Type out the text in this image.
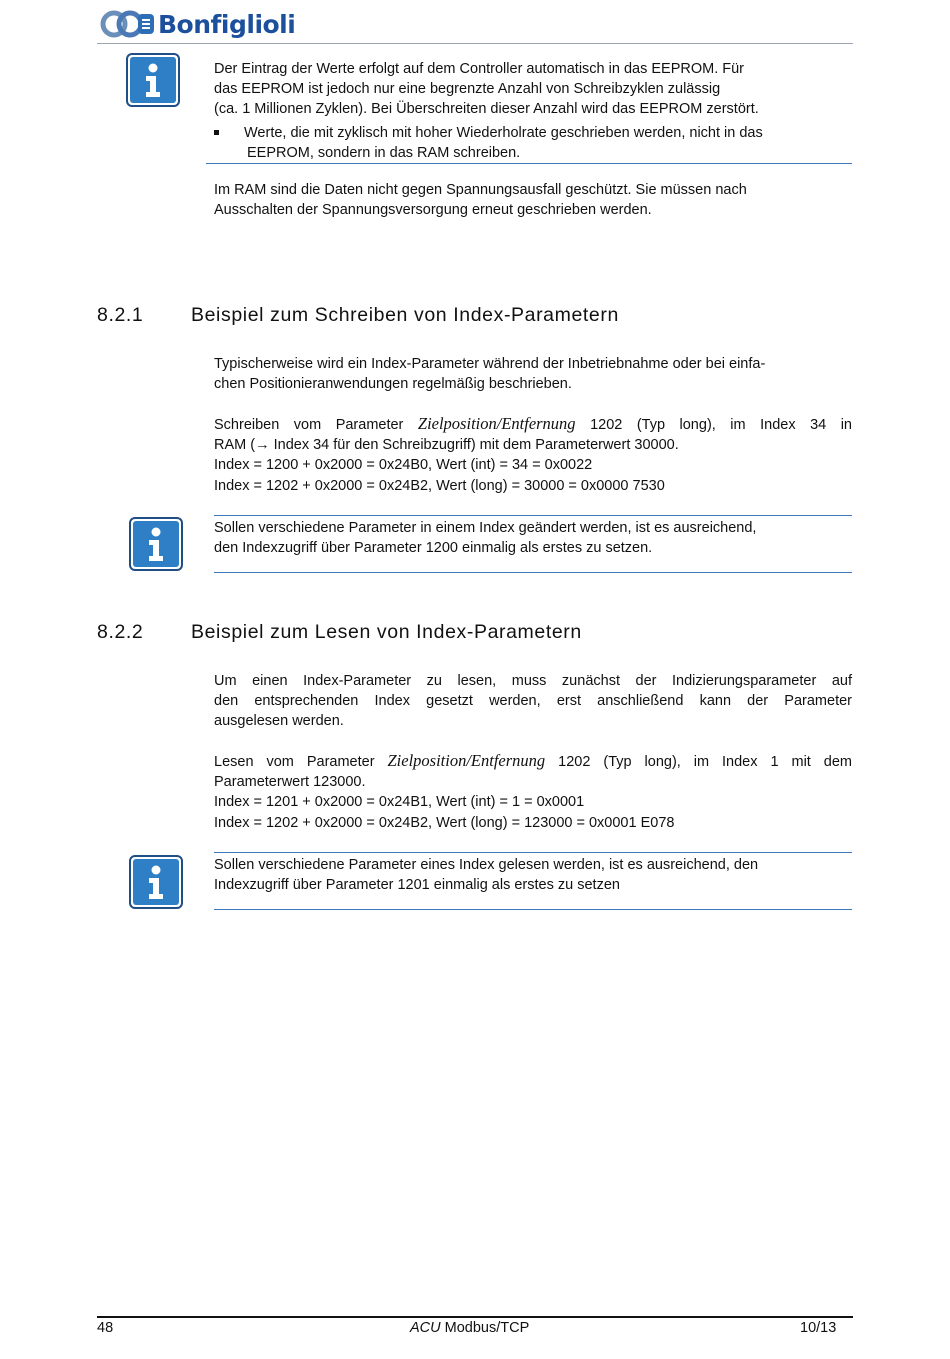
Bonfiglioli
Der Eintrag der Werte erfolgt auf dem Controller automatisch in das EEPROM. Für
das EEPROM ist jedoch nur eine begrenzte Anzahl von Schreibzyklen zulässig
(ca. 1 Millionen Zyklen). Bei Überschreiten dieser Anzahl wird das EEPROM zerstört.
Werte, die mit zyklisch mit hoher Wiederholrate geschrieben werden, nicht in das
EEPROM, sondern in das RAM schreiben.
Im RAM sind die Daten nicht gegen Spannungsausfall geschützt. Sie müssen nach
Ausschalten der Spannungsversorgung erneut geschrieben werden.
8.2.1 Beispiel zum Schreiben von Index-Parametern
Typischerweise wird ein Index-Parameter während der Inbetriebnahme oder bei einfa-
chen Positionieranwendungen regelmäßig beschrieben.
Schreiben vom Parameter Zielposition/Entfernung 1202 (Typ long), im Index 34 in
RAM (→ Index 34 für den Schreibzugriff) mit dem Parameterwert 30000.
Index = 1200 + 0x2000 = 0x24B0, Wert (int) = 34 = 0x0022
Index = 1202 + 0x2000 = 0x24B2, Wert (long) = 30000 = 0x0000 7530
Sollen verschiedene Parameter in einem Index geändert werden, ist es ausreichend,
den Indexzugriff über Parameter 1200 einmalig als erstes zu setzen.
8.2.2 Beispiel zum Lesen von Index-Parametern
Um einen Index-Parameter zu lesen, muss zunächst der Indizierungsparameter auf
den entsprechenden Index gesetzt werden, erst anschließend kann der Parameter
ausgelesen werden.
Lesen vom Parameter Zielposition/Entfernung 1202 (Typ long), im Index 1 mit dem
Parameterwert 123000.
Index = 1201 + 0x2000 = 0x24B1, Wert (int) = 1 = 0x0001
Index = 1202 + 0x2000 = 0x24B2, Wert (long) = 123000 = 0x0001 E078
Sollen verschiedene Parameter eines Index gelesen werden, ist es ausreichend, den
Indexzugriff über Parameter 1201 einmalig als erstes zu setzen
48	ACU Modbus/TCP	10/13
